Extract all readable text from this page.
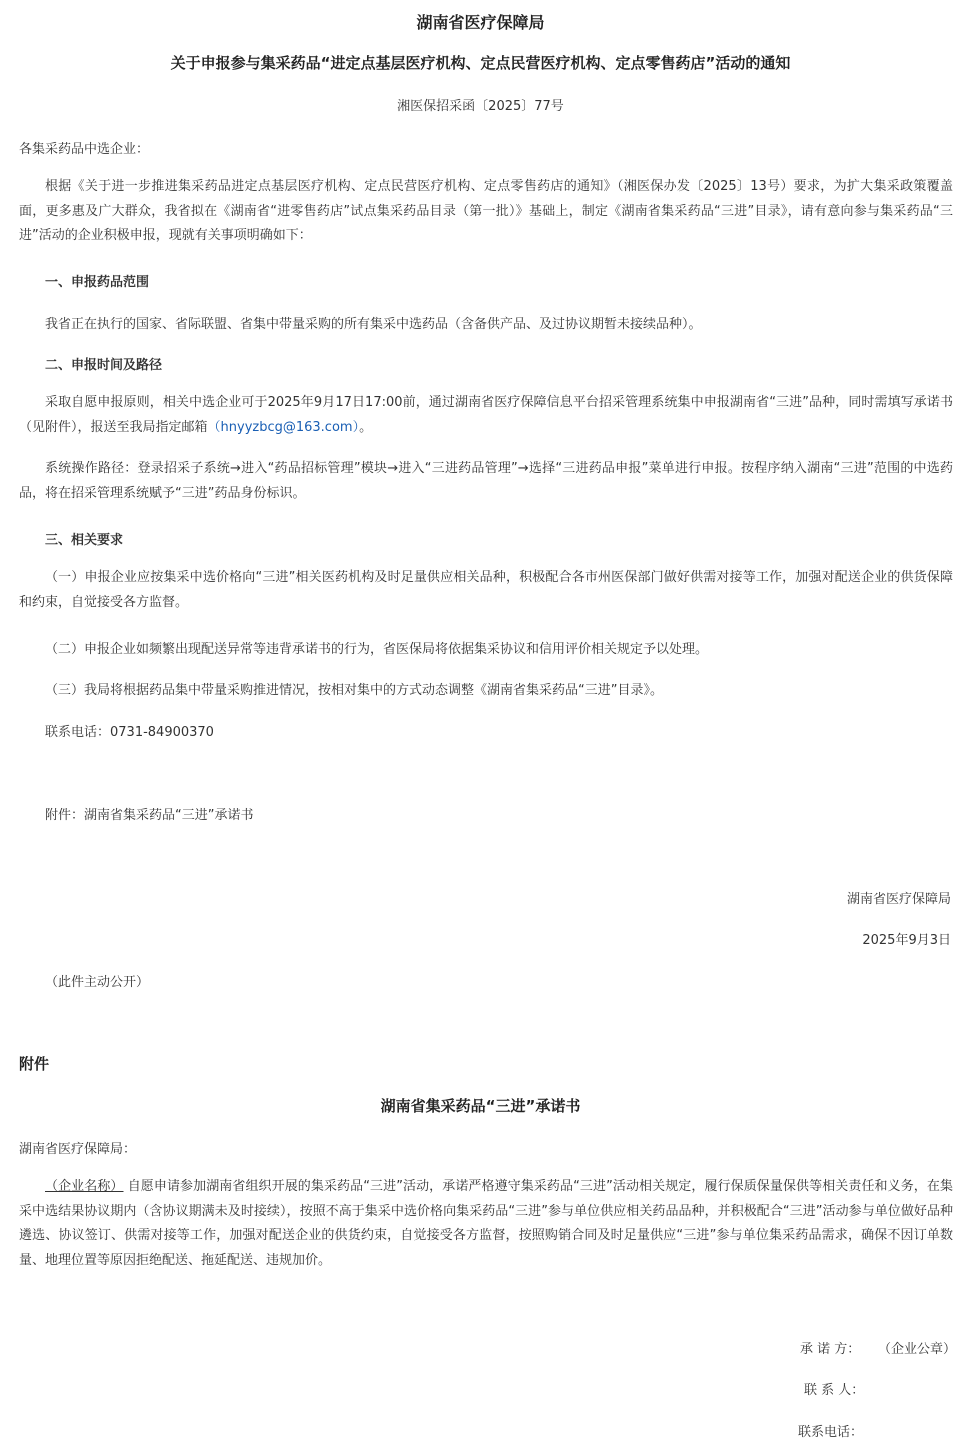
湖南省医疗保障局
关于申报参与集采药品“进定点基层医疗机构、定点民营医疗机构、定点零售药店”活动的通知
湘医保招采函〔2025〕77号
各集采药品中选企业：
根据《关于进一步推进集采药品进定点基层医疗机构、定点民营医疗机构、定点零售药店的通知》（湘医保办发〔2025〕13号）要求，为扩大集采政策覆盖面，更多惠及广大群众，我省拟在《湖南省“进零售药店”试点集采药品目录（第一批）》基础上，制定《湖南省集采药品“三进”目录》，请有意向参与集采药品“三进”活动的企业积极申报，现就有关事项明确如下：
一、申报药品范围
我省正在执行的国家、省际联盟、省集中带量采购的所有集采中选药品（含备供产品、及过协议期暂未接续品种）。
二、申报时间及路径
采取自愿申报原则，相关中选企业可于2025年9月17日17:00前，通过湖南省医疗保障信息平台招采管理系统集中申报湖南省“三进”品种，同时需填写承诺书（见附件），报送至我局指定邮箱（hnyyzbcg@163.com）。
系统操作路径：登录招采子系统→进入“药品招标管理”模块→进入“三进药品管理”→选择“三进药品申报”菜单进行申报。按程序纳入湖南“三进”范围的中选药品，将在招采管理系统赋予“三进”药品身份标识。
三、相关要求
（一）申报企业应按集采中选价格向“三进”相关医药机构及时足量供应相关品种，积极配合各市州医保部门做好供需对接等工作，加强对配送企业的供货保障和约束，自觉接受各方监督。
（二）申报企业如频繁出现配送异常等违背承诺书的行为，省医保局将依据集采协议和信用评价相关规定予以处理。
（三）我局将根据药品集中带量采购推进情况，按相对集中的方式动态调整《湖南省集采药品“三进”目录》。
联系电话：0731-84900370
附件：湖南省集采药品“三进”承诺书
湖南省医疗保障局
2025年9月3日
（此件主动公开）
附件
湖南省集采药品“三进”承诺书
湖南省医疗保障局：
（企业名称） 自愿申请参加湖南省组织开展的集采药品“三进”活动，承诺严格遵守集采药品“三进”活动相关规定，履行保质保量保供等相关责任和义务，在集采中选结果协议期内（含协议期满未及时接续），按照不高于集采中选价格向集采药品“三进”参与单位供应相关药品品种，并积极配合“三进”活动参与单位做好品种遴选、协议签订、供需对接等工作，加强对配送企业的供货约束，自觉接受各方监督，按照购销合同及时足量供应“三进”参与单位集采药品需求，确保不因订单数量、地理位置等原因拒绝配送、拖延配送、违规加价。
承 诺 方： （企业公章）
联 系 人：
联系电话：
